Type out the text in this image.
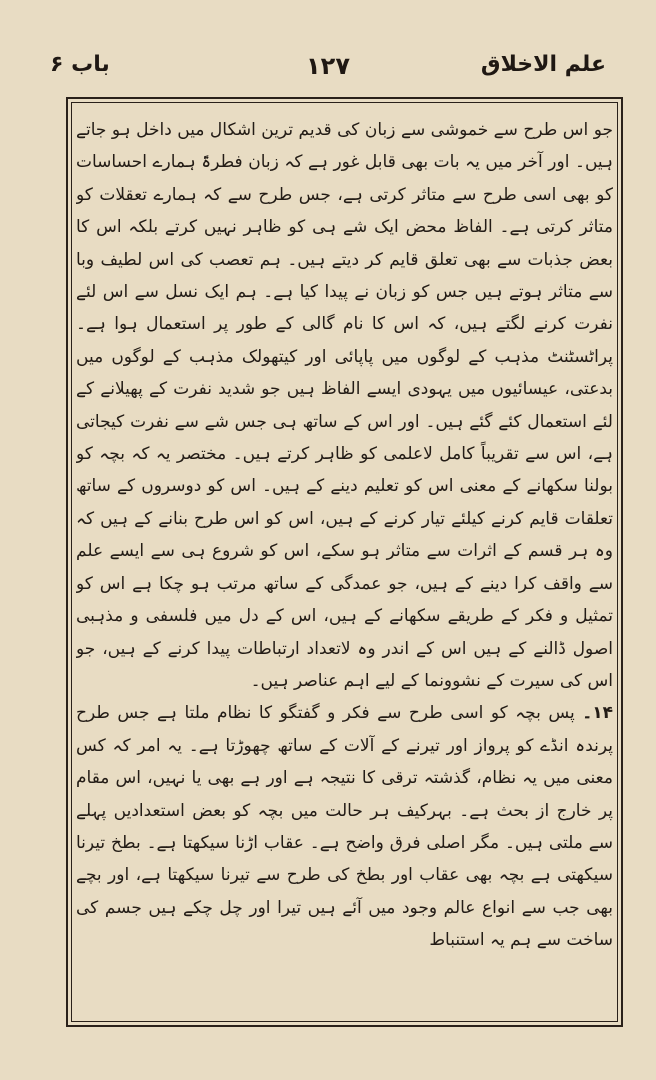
علم الاخلاق
۱۲۷
باب ۶

جو اس طرح سے خموشی سے زبان کی قدیم ترین اشکال میں داخل ہو جاتے ہیں۔ اور آخر میں یہ بات بھی قابل غور ہے کہ زبان فطرۃً ہمارے احساسات کو بھی اسی طرح سے متاثر کرتی ہے، جس طرح سے کہ ہمارے تعقلات کو متاثر کرتی ہے۔ الفاظ محض ایک شے ہی کو ظاہر نہیں کرتے بلکہ اس کا بعض جذبات سے بھی تعلق قایم کر دیتے ہیں۔ ہم تعصب کی اس لطیف وبا سے متاثر ہوتے ہیں جس کو زبان نے پیدا کیا ہے۔ ہم ایک نسل سے اس لئے نفرت کرنے لگتے ہیں، کہ اس کا نام گالی کے طور پر استعمال ہوا ہے۔ پراٹسٹنٹ مذہب کے لوگوں میں پاپائی اور کیتھولک مذہب کے لوگوں میں بدعتی، عیسائیوں میں یہودی ایسے الفاظ ہیں جو شدید نفرت کے پھیلانے کے لئے استعمال کئے گئے ہیں۔ اور اس کے ساتھ ہی جس شے سے نفرت کیجاتی ہے، اس سے تقریباً کامل لاعلمی کو ظاہر کرتے ہیں۔ مختصر یہ کہ بچہ کو بولنا سکھانے کے معنی اس کو تعلیم دینے کے ہیں۔ اس کو دوسروں کے ساتھ تعلقات قایم کرنے کیلئے تیار کرنے کے ہیں، اس کو اس طرح بنانے کے ہیں کہ وہ ہر قسم کے اثرات سے متاثر ہو سکے، اس کو شروع ہی سے ایسے علم سے واقف کرا دینے کے ہیں، جو عمدگی کے ساتھ مرتب ہو چکا ہے اس کو تمثیل و فکر کے طریقے سکھانے کے ہیں، اس کے دل میں فلسفی و مذہبی اصول ڈالنے کے ہیں اس کے اندر وہ لاتعداد ارتباطات پیدا کرنے کے ہیں، جو اس کی سیرت کے نشوونما کے لیے اہم عناصر ہیں۔

۱۴۔ پس بچہ کو اسی طرح سے فکر و گفتگو کا نظام ملتا ہے جس طرح پرندہ انڈے کو پرواز اور تیرنے کے آلات کے ساتھ چھوڑتا ہے۔ یہ امر کہ کس معنی میں یہ نظام، گذشتہ ترقی کا نتیجہ ہے اور ہے بھی یا نہیں، اس مقام پر خارج از بحث ہے۔ بہرکیف ہر حالت میں بچہ کو بعض استعدادیں پہلے سے ملتی ہیں۔ مگر اصلی فرق واضح ہے۔ عقاب اڑنا سیکھتا ہے۔ بطخ تیرنا سیکھتی ہے بچہ بھی عقاب اور بطخ کی طرح سے تیرنا سیکھتا ہے، اور بچے بھی جب سے انواع عالم وجود میں آئے ہیں تیرا اور چل چکے ہیں جسم کی ساخت سے ہم یہ استنباط
